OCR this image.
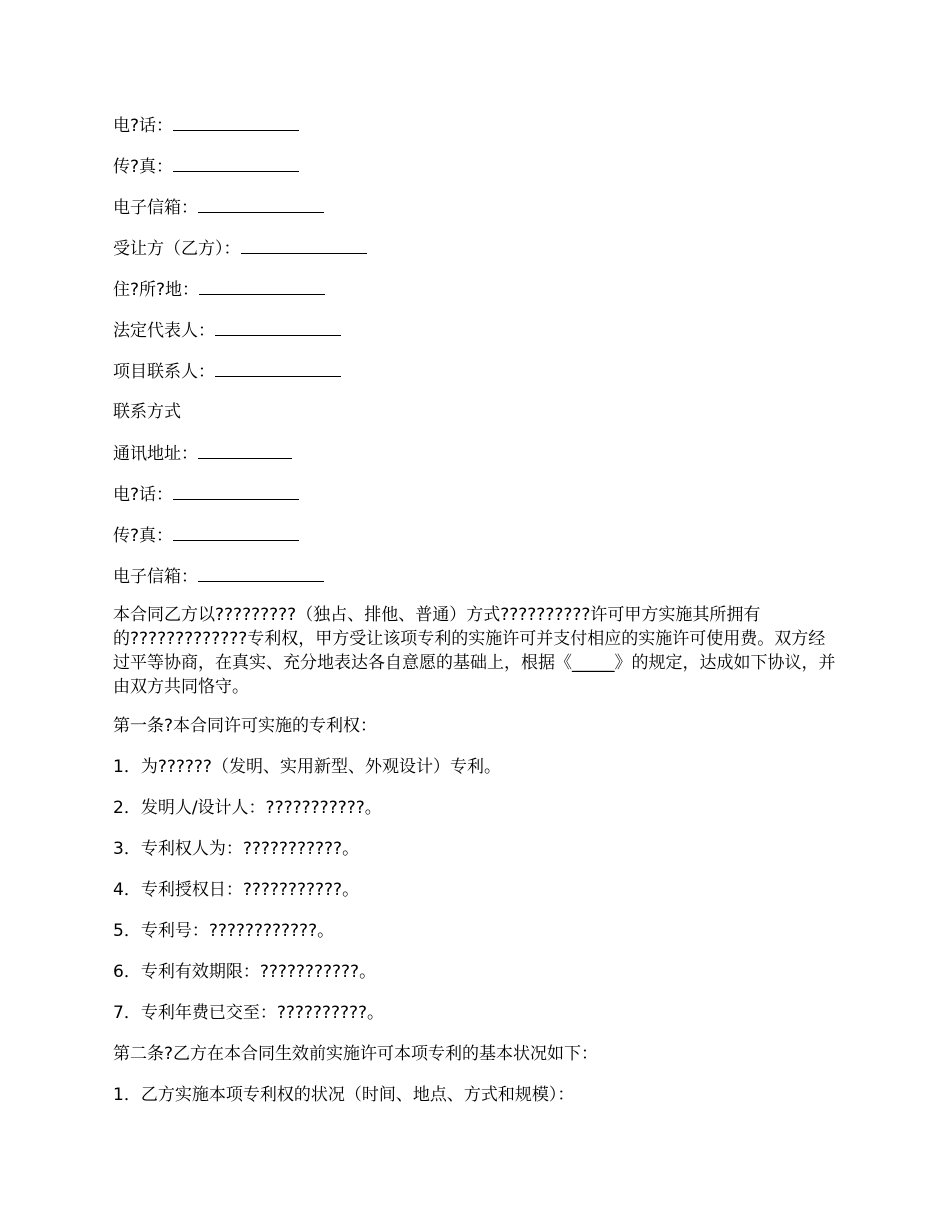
电?话：
传?真：
电子信箱：
受让方（乙方）：
住?所?地：
法定代表人：
项目联系人：
联系方式
通讯地址：
电?话：
传?真：
电子信箱：
本合同乙方以?????????（独占、排他、普通）方式??????????许可甲方实施其所拥有的?????????????专利权，甲方受让该项专利的实施许可并支付相应的实施许可使用费。双方经过平等协商，在真实、充分地表达各自意愿的基础上，根据《_____》的规定，达成如下协议，并由双方共同恪守。
第一条?本合同许可实施的专利权：
1．为??????（发明、实用新型、外观设计）专利。
2．发明人/设计人：???????????。
3．专利权人为：???????????。
4．专利授权日：???????????。
5．专利号：????????????。
6．专利有效期限：???????????。
7．专利年费已交至：??????????。
第二条?乙方在本合同生效前实施许可本项专利的基本状况如下：
1．乙方实施本项专利权的状况（时间、地点、方式和规模）：
